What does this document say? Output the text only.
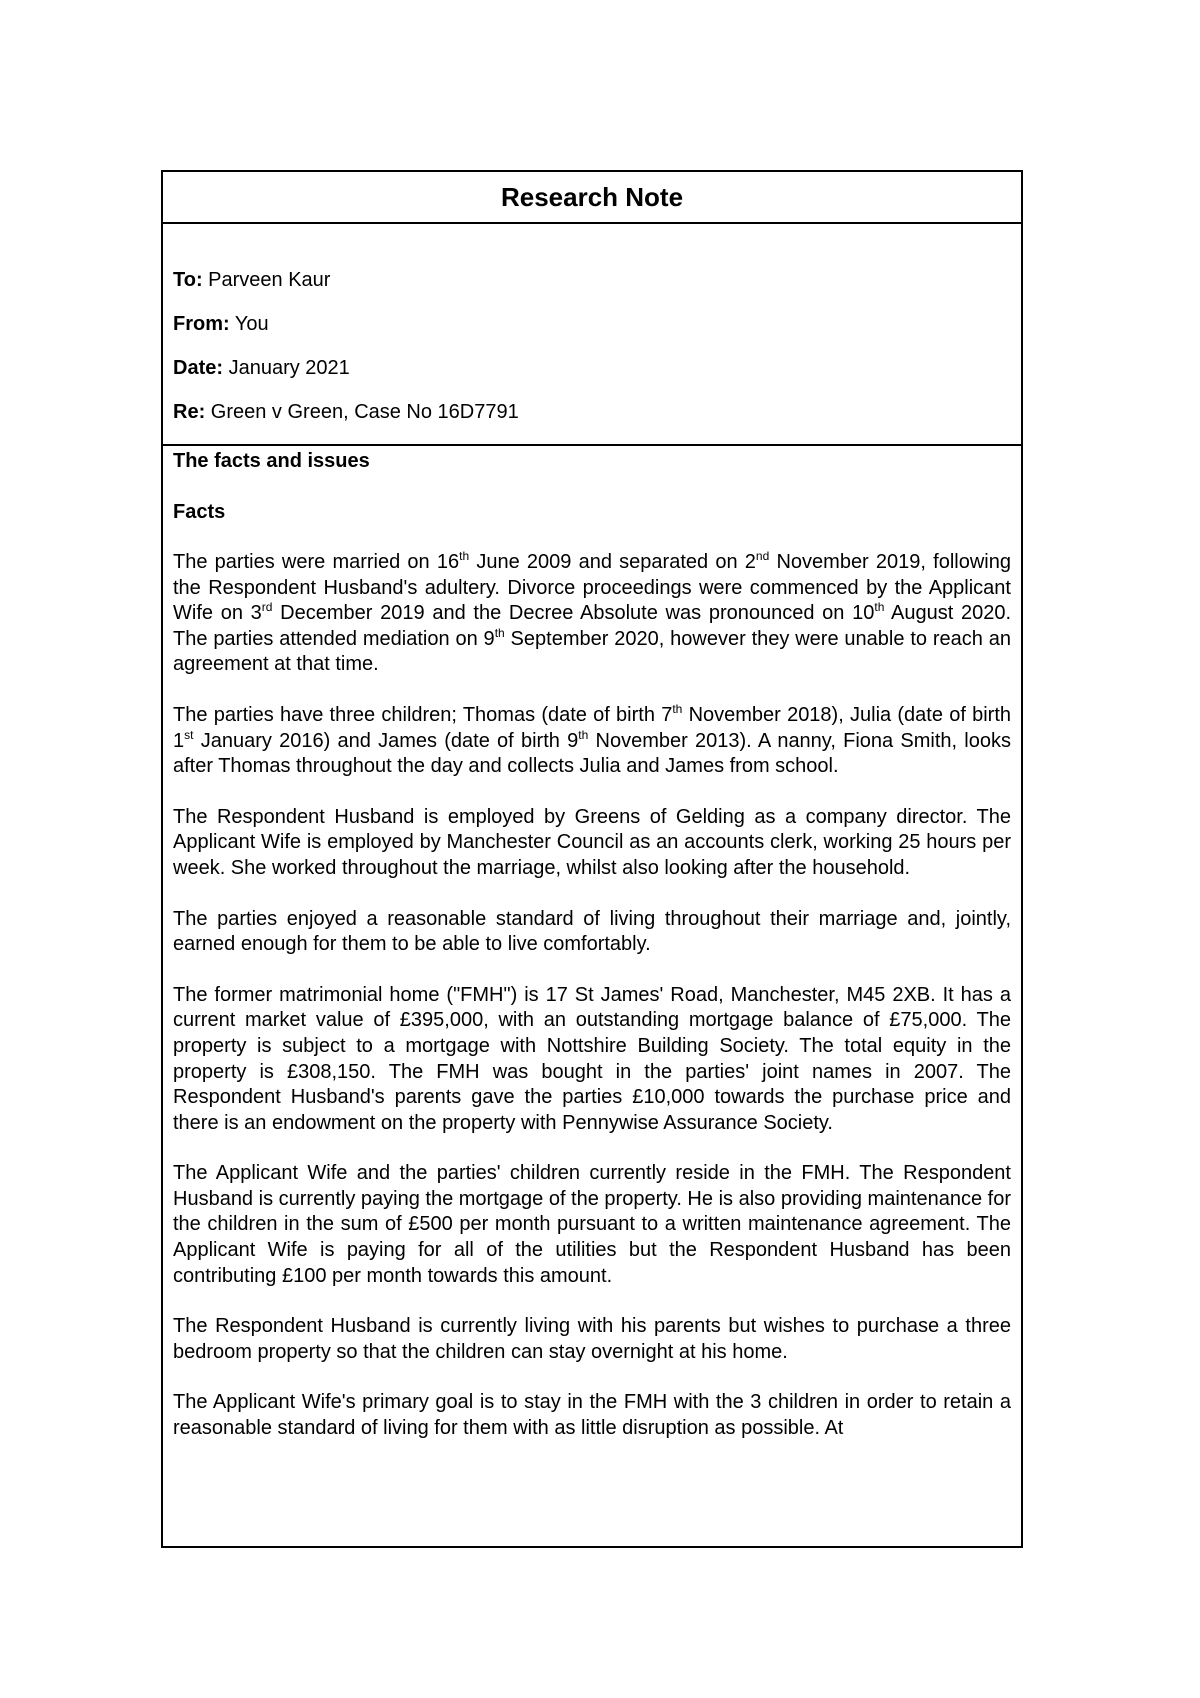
Research Note

To: Parveen Kaur

From: You

Date: January 2021

Re: Green v Green, Case No 16D7791

The facts and issues

Facts

The parties were married on 16th June 2009 and separated on 2nd November 2019, following the Respondent Husband's adultery. Divorce proceedings were commenced by the Applicant Wife on 3rd December 2019 and the Decree Absolute was pronounced on 10th August 2020. The parties attended mediation on 9th September 2020, however they were unable to reach an agreement at that time.

The parties have three children; Thomas (date of birth 7th November 2018), Julia (date of birth 1st January 2016) and James (date of birth 9th November 2013). A nanny, Fiona Smith, looks after Thomas throughout the day and collects Julia and James from school.

The Respondent Husband is employed by Greens of Gelding as a company director. The Applicant Wife is employed by Manchester Council as an accounts clerk, working 25 hours per week. She worked throughout the marriage, whilst also looking after the household.

The parties enjoyed a reasonable standard of living throughout their marriage and, jointly, earned enough for them to be able to live comfortably.

The former matrimonial home ("FMH") is 17 St James' Road, Manchester, M45 2XB. It has a current market value of £395,000, with an outstanding mortgage balance of £75,000. The property is subject to a mortgage with Nottshire Building Society. The total equity in the property is £308,150. The FMH was bought in the parties' joint names in 2007. The Respondent Husband's parents gave the parties £10,000 towards the purchase price and there is an endowment on the property with Pennywise Assurance Society.

The Applicant Wife and the parties' children currently reside in the FMH. The Respondent Husband is currently paying the mortgage of the property. He is also providing maintenance for the children in the sum of £500 per month pursuant to a written maintenance agreement. The Applicant Wife is paying for all of the utilities but the Respondent Husband has been contributing £100 per month towards this amount.

The Respondent Husband is currently living with his parents but wishes to purchase a three bedroom property so that the children can stay overnight at his home.

The Applicant Wife's primary goal is to stay in the FMH with the 3 children in order to retain a reasonable standard of living for them with as little disruption as possible. At
